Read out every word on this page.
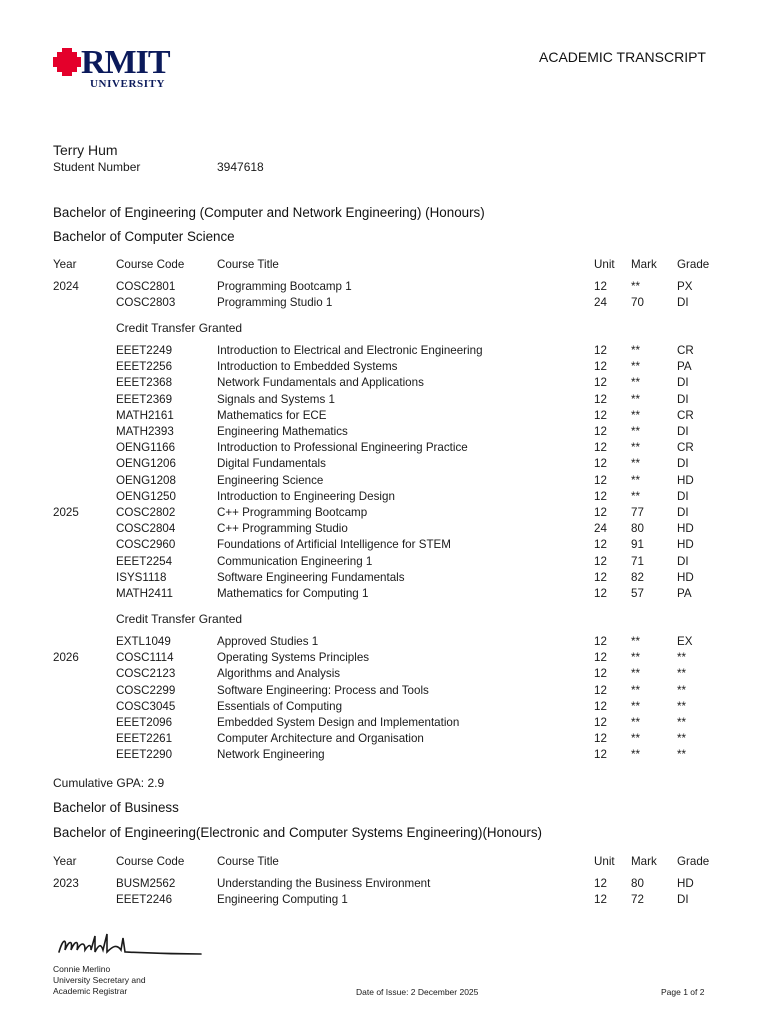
RMIT
UNIVERSITY
ACADEMIC TRANSCRIPT
Terry Hum
Student Number	3947618
Bachelor of Engineering (Computer and Network Engineering) (Honours)
Bachelor of Computer Science
Year	Course Code	Course Title	Unit Mark Grade
2024	COSC2801	Programming Bootcamp 1	12 **	PX
COSC2803	Programming Studio 1	24 70	DI
Credit Transfer Granted
EEET2249	Introduction to Electrical and Electronic Engineering	12 **	CR
EEET2256	Introduction to Embedded Systems	12 **	PA
EEET2368	Network Fundamentals and Applications	12 **	DI
EEET2369	Signals and Systems 1	12 **	DI
MATH2161	Mathematics for ECE	12 **	CR
MATH2393	Engineering Mathematics	12 **	DI
OENG1166	Introduction to Professional Engineering Practice	12 **	CR
OENG1206	Digital Fundamentals	12 **	DI
OENG1208	Engineering Science	12 **	HD
OENG1250	Introduction to Engineering Design	12 **	DI
2025	COSC2802	C++ Programming Bootcamp	12 77	DI
COSC2804	C++ Programming Studio	24 80	HD
COSC2960	Foundations of Artificial Intelligence for STEM	12 91	HD
EEET2254	Communication Engineering 1	12 71	DI
ISYS1118	Software Engineering Fundamentals	12 82	HD
MATH2411	Mathematics for Computing 1	12 57	PA
Credit Transfer Granted
EXTL1049	Approved Studies 1	12 **	EX
2026	COSC1114	Operating Systems Principles	12 **	**
COSC2123	Algorithms and Analysis	12 **	**
COSC2299	Software Engineering: Process and Tools	12 **	**
COSC3045	Essentials of Computing	12 **	**
EEET2096	Embedded System Design and Implementation	12 **	**
EEET2261	Computer Architecture and Organisation	12 **	**
EEET2290	Network Engineering	12 **	**
Cumulative GPA: 2.9
Bachelor of Business
Bachelor of Engineering(Electronic and Computer Systems Engineering)(Honours)
Year	Course Code	Course Title	Unit Mark Grade
2023	BUSM2562	Understanding the Business Environment	12 80	HD
EEET2246	Engineering Computing 1	12 72	DI
Connie Merlino
University Secretary and
Academic Registrar	Date of Issue: 2 December 2025	Page 1 of 2
